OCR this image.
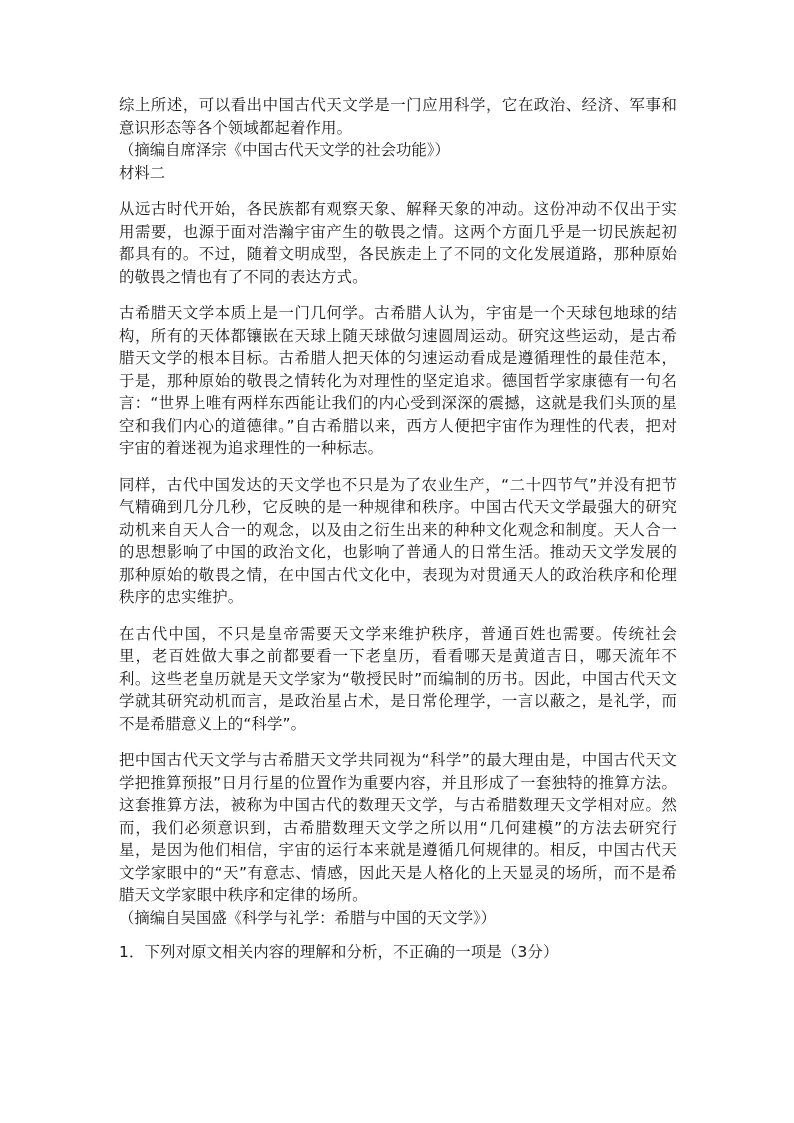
综上所述，可以看出中国古代天文学是一门应用科学，它在政治、经济、军事和意识形态等各个领域都起着作用。

（摘编自席泽宗《中国古代天文学的社会功能》）

材料二

从远古时代开始，各民族都有观察天象、解释天象的冲动。这份冲动不仅出于实用需要，也源于面对浩瀚宇宙产生的敬畏之情。这两个方面几乎是一切民族起初都具有的。不过，随着文明成型，各民族走上了不同的文化发展道路，那种原始的敬畏之情也有了不同的表达方式。

古希腊天文学本质上是一门几何学。古希腊人认为，宇宙是一个天球包地球的结构，所有的天体都镶嵌在天球上随天球做匀速圆周运动。研究这些运动，是古希腊天文学的根本目标。古希腊人把天体的匀速运动看成是遵循理性的最佳范本，于是，那种原始的敬畏之情转化为对理性的坚定追求。德国哲学家康德有一句名言：“世界上唯有两样东西能让我们的内心受到深深的震撼，这就是我们头顶的星空和我们内心的道德律。”自古希腊以来，西方人便把宇宙作为理性的代表，把对宇宙的着迷视为追求理性的一种标志。

同样，古代中国发达的天文学也不只是为了农业生产，“二十四节气”并没有把节气精确到几分几秒，它反映的是一种规律和秩序。中国古代天文学最强大的研究动机来自天人合一的观念，以及由之衍生出来的种种文化观念和制度。天人合一的思想影响了中国的政治文化，也影响了普通人的日常生活。推动天文学发展的那种原始的敬畏之情，在中国古代文化中，表现为对贯通天人的政治秩序和伦理秩序的忠实维护。

在古代中国，不只是皇帝需要天文学来维护秩序，普通百姓也需要。传统社会里，老百姓做大事之前都要看一下老皇历，看看哪天是黄道吉日，哪天流年不利。这些老皇历就是天文学家为“敬授民时”而编制的历书。因此，中国古代天文学就其研究动机而言，是政治星占术，是日常伦理学，一言以蔽之，是礼学，而不是希腊意义上的“科学”。

把中国古代天文学与古希腊天文学共同视为“科学”的最大理由是，中国古代天文学把推算预报”日月行星的位置作为重要内容，并且形成了一套独特的推算方法。这套推算方法，被称为中国古代的数理天文学，与古希腊数理天文学相对应。然而，我们必须意识到，古希腊数理天文学之所以用“几何建模”的方法去研究行星，是因为他们相信，宇宙的运行本来就是遵循几何规律的。相反，中国古代天文学家眼中的“天”有意志、情感，因此天是人格化的上天显灵的场所，而不是希腊天文学家眼中秩序和定律的场所。

（摘编自吴国盛《科学与礼学：希腊与中国的天文学》）

1．下列对原文相关内容的理解和分析，不正确的一项是（3分）
